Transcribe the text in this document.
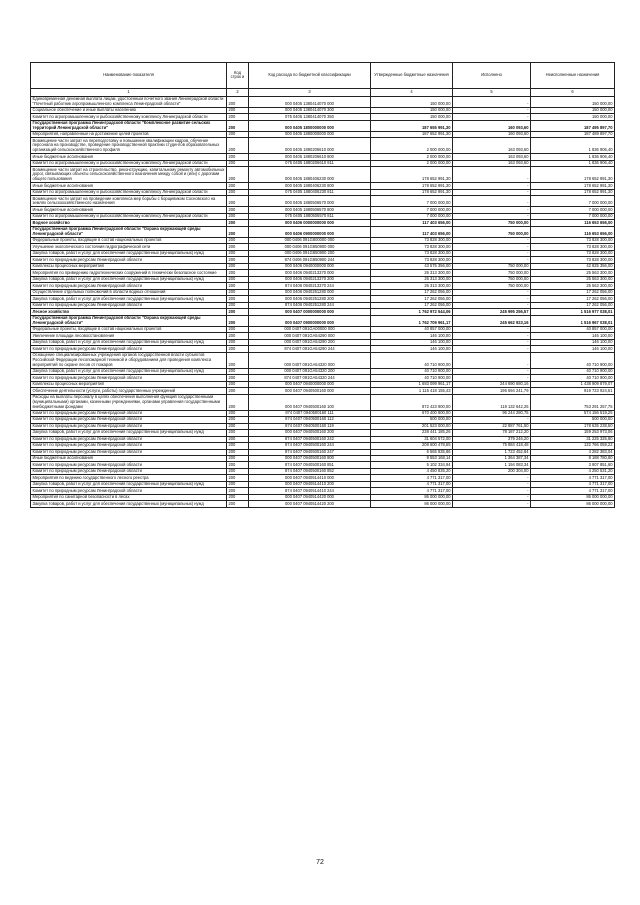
Наименование показателя	Код строк и	Код расхода по бюджетной классификации	Утвержденные бюджетные назначения	Исполнено	Неисполненные назначения
1	2	3	4	5	6
Единовременная денежная выплата лицам, удостоенным почетного звания Ленинградской области "Почетный работник агропромышленного комплекса Ленинградской области"	200	000 0405 1380414070 000	150 000,00	-	150 000,00
Социальное обеспечение и иные выплаты населению	200	000 0405 1380414070 300	150 000,00	-	150 000,00
Комитет по агропромышленному и рыбохозяйственному комплексу Ленинградской области	200	075 0405 1380414070 350	150 000,00	-	150 000,00
Государственная программа Ленинградской области "Комплексное развитие сельских территорий Ленинградской области"	200	000 0405 1800000000 000	187 655 991,30	160 093,60	187 495 897,70
Мероприятия, направленные на достижение целей проектов	200	000 0405 1880000000 000	187 652 991,30	160 093,60	187 489 897,70
Возмещение части затрат на переподготовку и повышение квалификации кадров, обучение персонала на производстве, проведение производственной практики студентов образовательных организаций сельскохозяйственного профиля	200	000 0405 1880206610 000	2 000 000,00	163 093,60	1 836 906,40
Иные бюджетные ассигнования	200	000 0405 1880206610 800	2 000 000,00	163 093,60	1 836 906,40
Комитет по агропромышленному и рыбохозяйственному комплексу Ленинградской области	200	075 0405 1880206610 811	2 000 000,00	163 093,60	1 836 906,40
Возмещение части затрат на строительство, реконструкцию, капитальному ремонту автомобильных дорог, связывающих объекты сельскохозяйственного назначения между собой и (или) с дорогами общего пользования	200	000 0405 1880406230 000	178 652 991,30	-	178 652 991,30
Иные бюджетные ассигнования	200	000 0405 1880406230 800	178 652 991,30	-	178 652 991,30
Комитет по агропромышленному и рыбохозяйственному комплексу Ленинградской области	200	075 0405 1880406230 811	178 652 991,30	-	178 652 991,30
Возмещение части затрат на проведение комплекса мер борьбы с борщевиком Сосновского на землях сельскохозяйственного назначения	200	000 0405 1880506570 000	7 000 000,00	-	7 000 000,00
Иные бюджетные ассигнования	200	000 0405 1880506570 800	7 000 000,00	-	7 000 000,00
Комитет по агропромышленному и рыбохозяйственному комплексу Ленинградской области	200	075 0405 1880506570 811	7 000 000,00	-	7 000 000,00
Водное хозяйство	200	000 0406 0000000000 000	117 403 656,00	750 000,00	116 653 656,00
Государственная программа Ленинградской области "Охрана окружающей среды Ленинградской области"	200	000 0406 0900000000 000	117 403 656,00	750 000,00	116 653 656,00
Федеральные проекты, входящие в состав национальных проектов	200	000 0406 091G800000 000	73 828 300,00	-	73 828 300,00
Улучшение экологического состояния гидрографической сети	200	000 0406 091G850900 000	73 828 300,00	-	73 828 300,00
Закупка товаров, работ и услуг для обеспечения государственных (муниципальных) нужд	200	000 0406 091G850900 200	73 828 300,00	-	73 828 300,00
Комитет по природным ресурсам Ленинградской области	200	874 0406 091G850900 244	73 828 300,00	-	73 828 300,00
Комплексы процессных мероприятий	200	000 0406 0940000000 000	43 575 356,00	750 000,00	42 825 356,00
Мероприятия по приведению гидротехнических сооружений в технически безопасное состояние	200	000 0406 0940213370 000	26 313 300,00	750 000,00	25 563 300,00
Закупка товаров, работ и услуг для обеспечения государственных (муниципальных) нужд	200	000 0406 0940213370 200	26 313 300,00	750 000,00	25 563 300,00
Комитет по природным ресурсам Ленинградской области	200	874 0406 0940213370 244	26 313 300,00	750 000,00	25 563 300,00
Осуществление отдельных полномочий в области водных отношений	200	000 0406 0940251280 000	17 262 056,00	-	17 262 056,00
Закупка товаров, работ и услуг для обеспечения государственных (муниципальных) нужд	200	000 0406 0940251280 200	17 262 056,00	-	17 262 056,00
Комитет по природным ресурсам Ленинградской области	200	874 0406 0940251280 244	17 262 056,00	-	17 262 056,00
Лесное хозяйство	200	000 0407 0000000000 000	1 762 972 544,06	245 995 256,57	1 516 977 038,01
Государственная программа Ленинградской области "Охрана окружающей среды Ленинградской области"	200	000 0407 0900000000 000	1 762 709 961,17	245 662 923,16	1 516 967 038,01
Федеральные проекты, входящие в состав национальных проектов	200	000 0407 091GA00000 000	40 857 000,00	-	40 857 000,00
Увеличение площади лесовосстановления	200	000 0407 091GA54290 000	146 100,00	-	146 100,00
Закупка товаров, работ и услуг для обеспечения государственных (муниципальных) нужд	200	000 0407 091GA54290 200	146 100,00	-	146 100,00
Комитет по природным ресурсам Ленинградской области	200	874 0407 091GA54290 244	146 100,00	-	146 100,00
Оснащение специализированных учреждений органов государственной власти субъектов Российской Федерации лесопожарной техникой и оборудованием для проведения комплекса мероприятий по охране лесов от пожаров	200	000 0407 091GA54320 000	40 710 900,00	-	40 710 900,00
Закупка товаров, работ и услуг для обеспечения государственных (муниципальных) нужд	200	000 0407 091GA54320 200	40 710 900,00	-	40 710 900,00
Комитет по природным ресурсам Ленинградской области	200	874 0407 091GA54320 244	40 710 900,00	-	40 710 900,00
Комплексы процессных мероприятий	200	000 0407 0940000000 000	1 683 099 961,17	244 690 680,16	1 438 909 879,07
Обеспечение деятельности (услуги, работы) государственных учреждений	200	000 0407 0940500160 000	1 115 418 155,43	196 694 241,79	919 723 924,61
Расходы на выплаты персоналу в целях обеспечения выполнения функций государственными (муниципальными) органами, казенными учреждениями, органами управления государственными внебюджетными фондами	200	000 0407 0940500160 100	872 423 900,00	119 132 642,25	753 291 257,75
Комитет по природным ресурсам Ленинградской области	200	874 0407 0940500160 111	670 400 800,00	96 244 280,75	574 156 519,25
Комитет по природным ресурсам Ленинградской области	200	874 0407 0940500160 112	500 000,00	-	500 000,00
Комитет по природным ресурсам Ленинградской области	200	874 0407 0940500160 119	201 523 000,00	22 887 761,50	178 635 238,50
Закупка товаров, работ и услуг для обеспечения государственных (муниципальных) нужд	200	000 0407 0940500160 200	238 441 185,26	78 187 212,20	159 253 973,06
Комитет по природным ресурсам Ленинградской области	200	874 0407 0940500160 242	31 604 572,00	379 246,20	31 225 325,80
Комитет по природным ресурсам Ленинградской области	200	874 0407 0940500160 244	208 600 478,65	75 884 418,48	132 766 059,22
Комитет по природным ресурсам Ленинградской области	200	874 0407 0940500160 247	6 565 835,86	1 723 452,84	4 282 383,04
Иные бюджетные ассигнования	200	000 0407 0940500160 800	9 553 168,14	1 364 387,34	8 188 780,80
Комитет по природным ресурсам Ленинградской области	200	874 0407 0940500160 851	5 102 334,94	1 194 083,34	3 907 851,60
Комитет по природным ресурсам Ленинградской области	200	874 0407 0940500160 852	4 450 835,20	200 304,00	4 250 531,20
Мероприятия по ведению государственного лесного реестра	200	000 0407 0940514410 000	4 771 317,00	-	4 771 317,00
Закупка товаров, работ и услуг для обеспечения государственных (муниципальных) нужд	200	000 0407 0940514410 200	4 771 317,00	-	4 771 317,00
Комитет по природным ресурсам Ленинградской области	200	874 0407 0940514410 244	4 771 317,00	-	4 771 317,00
Мероприятия по санитарной безопасности в лесах	200	000 0407 0940514420 000	86 000 000,00	-	86 000 000,00
Закупка товаров, работ и услуг для обеспечения государственных (муниципальных) нужд	200	000 0407 0940514420 200	86 000 000,00	-	86 000 000,00
72
